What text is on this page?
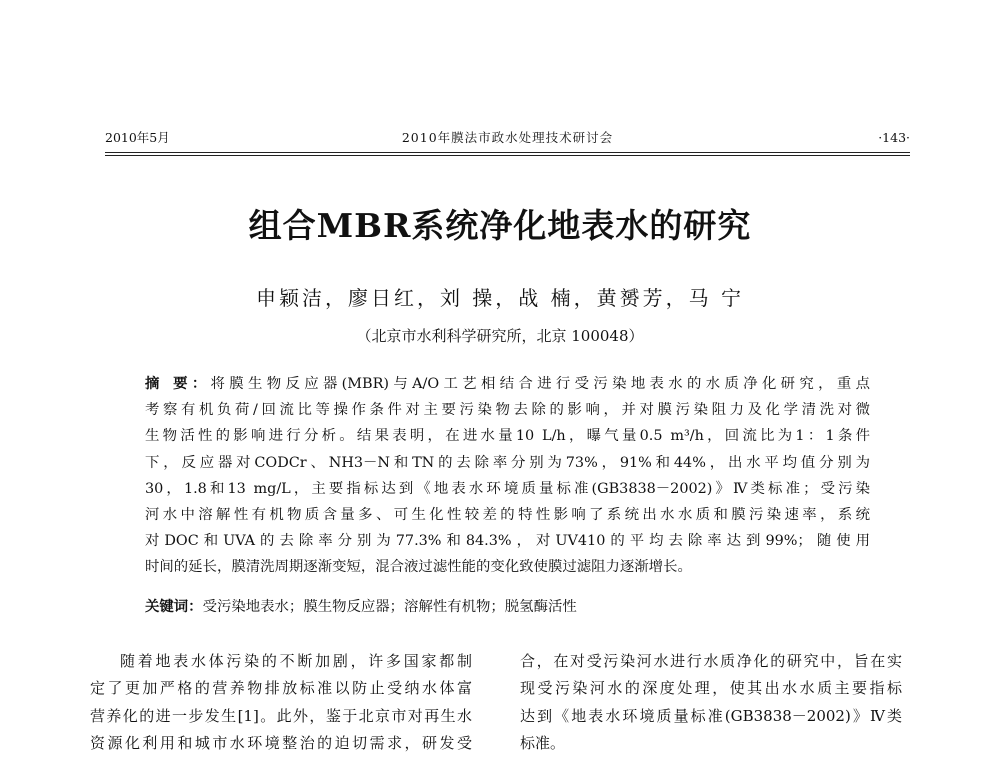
2010年5月	2010年膜法市政水处理技术研讨会	·143·
组合MBR系统净化地表水的研究
申颖洁，廖日红，刘 操，战 楠，黄赟芳，马 宁
（北京市水利科学研究所，北京 100048）
摘 要：将膜生物反应器(MBR)与A/O工艺相结合进行受污染地表水的水质净化研究，重点
考察有机负荷/回流比等操作条件对主要污染物去除的影响，并对膜污染阻力及化学清洗对微
生物活性的影响进行分析。结果表明，在进水量10 L/h，曝气量0.5 m³/h，回流比为1：1条件
下，反应器对CODCr、NH3－N和TN的去除率分别为73%，91%和44%，出水平均值分别为
30，1.8和13 mg/L，主要指标达到《地表水环境质量标准(GB3838－2002)》Ⅳ类标准；受污染
河水中溶解性有机物质含量多、可生化性较差的特性影响了系统出水水质和膜污染速率，系统
对DOC和UVA的去除率分别为77.3%和84.3%，对UV410的平均去除率达到99%；随使用
时间的延长，膜清洗周期逐渐变短，混合液过滤性能的变化致使膜过滤阻力逐渐增长。
关键词：受污染地表水；膜生物反应器；溶解性有机物；脱氢酶活性
随着地表水体污染的不断加剧，许多国家都制
定了更加严格的营养物排放标准以防止受纳水体富
营养化的进一步发生[1]。此外，鉴于北京市对再生水
资源化利用和城市水环境整治的迫切需求，研发受
合，在对受污染河水进行水质净化的研究中，旨在实
现受污染河水的深度处理，使其出水水质主要指标
达到《地表水环境质量标准(GB3838－2002)》Ⅳ类
标准。
